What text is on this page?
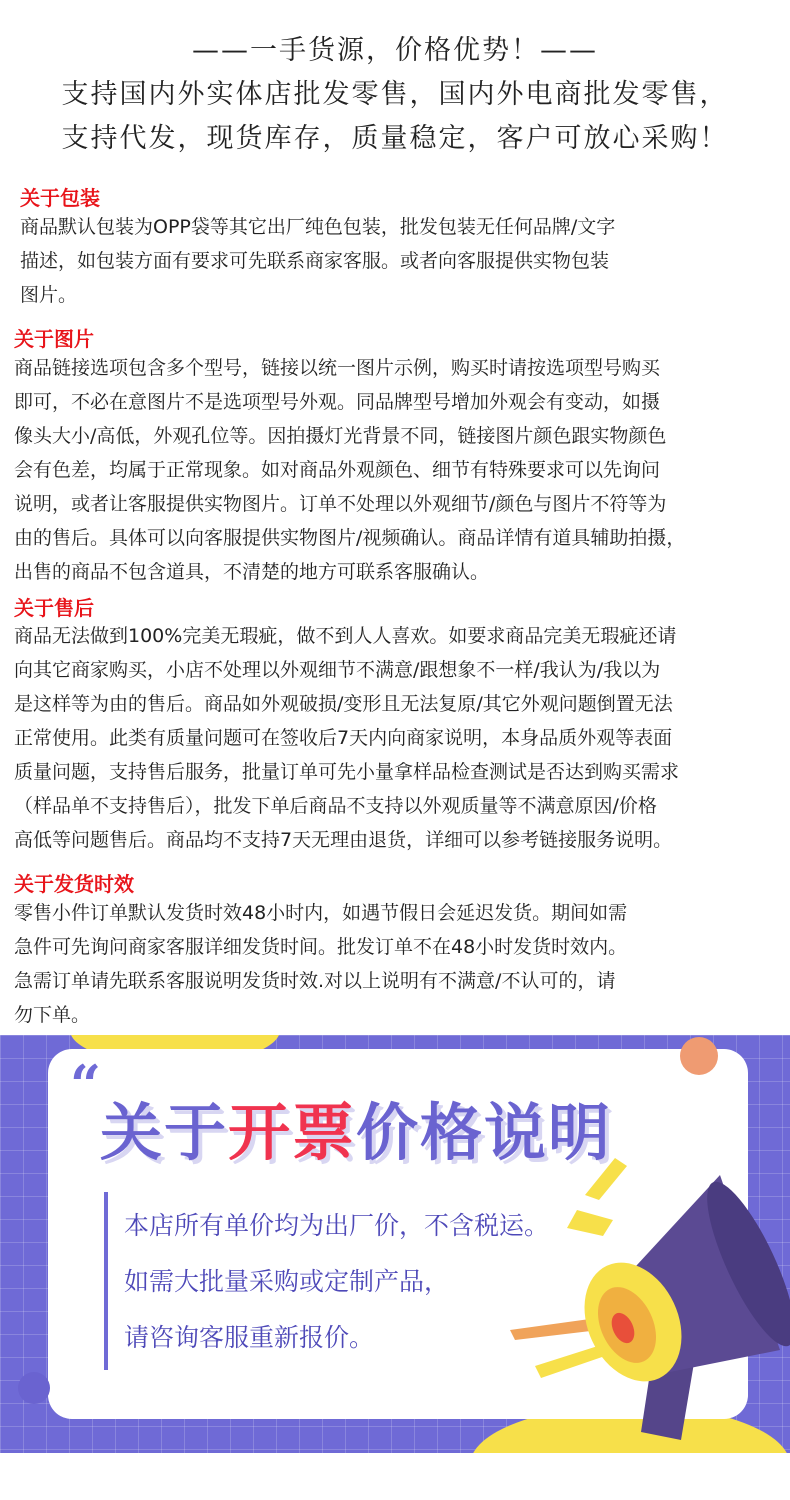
——一手货源，价格优势！——
支持国内外实体店批发零售，国内外电商批发零售，
支持代发，现货库存，质量稳定，客户可放心采购！
关于包装
商品默认包装为OPP袋等其它出厂纯色包装，批发包装无任何品牌/文字
描述，如包装方面有要求可先联系商家客服。或者向客服提供实物包装
图片。
关于图片
商品链接选项包含多个型号，链接以统一图片示例，购买时请按选项型号购买
即可，不必在意图片不是选项型号外观。同品牌型号增加外观会有变动，如摄
像头大小/高低，外观孔位等。因拍摄灯光背景不同，链接图片颜色跟实物颜色
会有色差，均属于正常现象。如对商品外观颜色、细节有特殊要求可以先询问
说明，或者让客服提供实物图片。订单不处理以外观细节/颜色与图片不符等为
由的售后。具体可以向客服提供实物图片/视频确认。商品详情有道具辅助拍摄，
出售的商品不包含道具，不清楚的地方可联系客服确认。
关于售后
商品无法做到100%完美无瑕疵，做不到人人喜欢。如要求商品完美无瑕疵还请
向其它商家购买，小店不处理以外观细节不满意/跟想象不一样/我认为/我以为
是这样等为由的售后。商品如外观破损/变形且无法复原/其它外观问题倒置无法
正常使用。此类有质量问题可在签收后7天内向商家说明，本身品质外观等表面
质量问题，支持售后服务，批量订单可先小量拿样品检查测试是否达到购买需求
（样品单不支持售后），批发下单后商品不支持以外观质量等不满意原因/价格
高低等问题售后。商品均不支持7天无理由退货，详细可以参考链接服务说明。
关于发货时效
零售小件订单默认发货时效48小时内，如遇节假日会延迟发货。期间如需
急件可先询问商家客服详细发货时间。批发订单不在48小时发货时效内。
急需订单请先联系客服说明发货时效.对以上说明有不满意/不认可的，请
勿下单。
“
关于开票价格说明
本店所有单价均为出厂价，不含税运。
如需大批量采购或定制产品，
请咨询客服重新报价。
